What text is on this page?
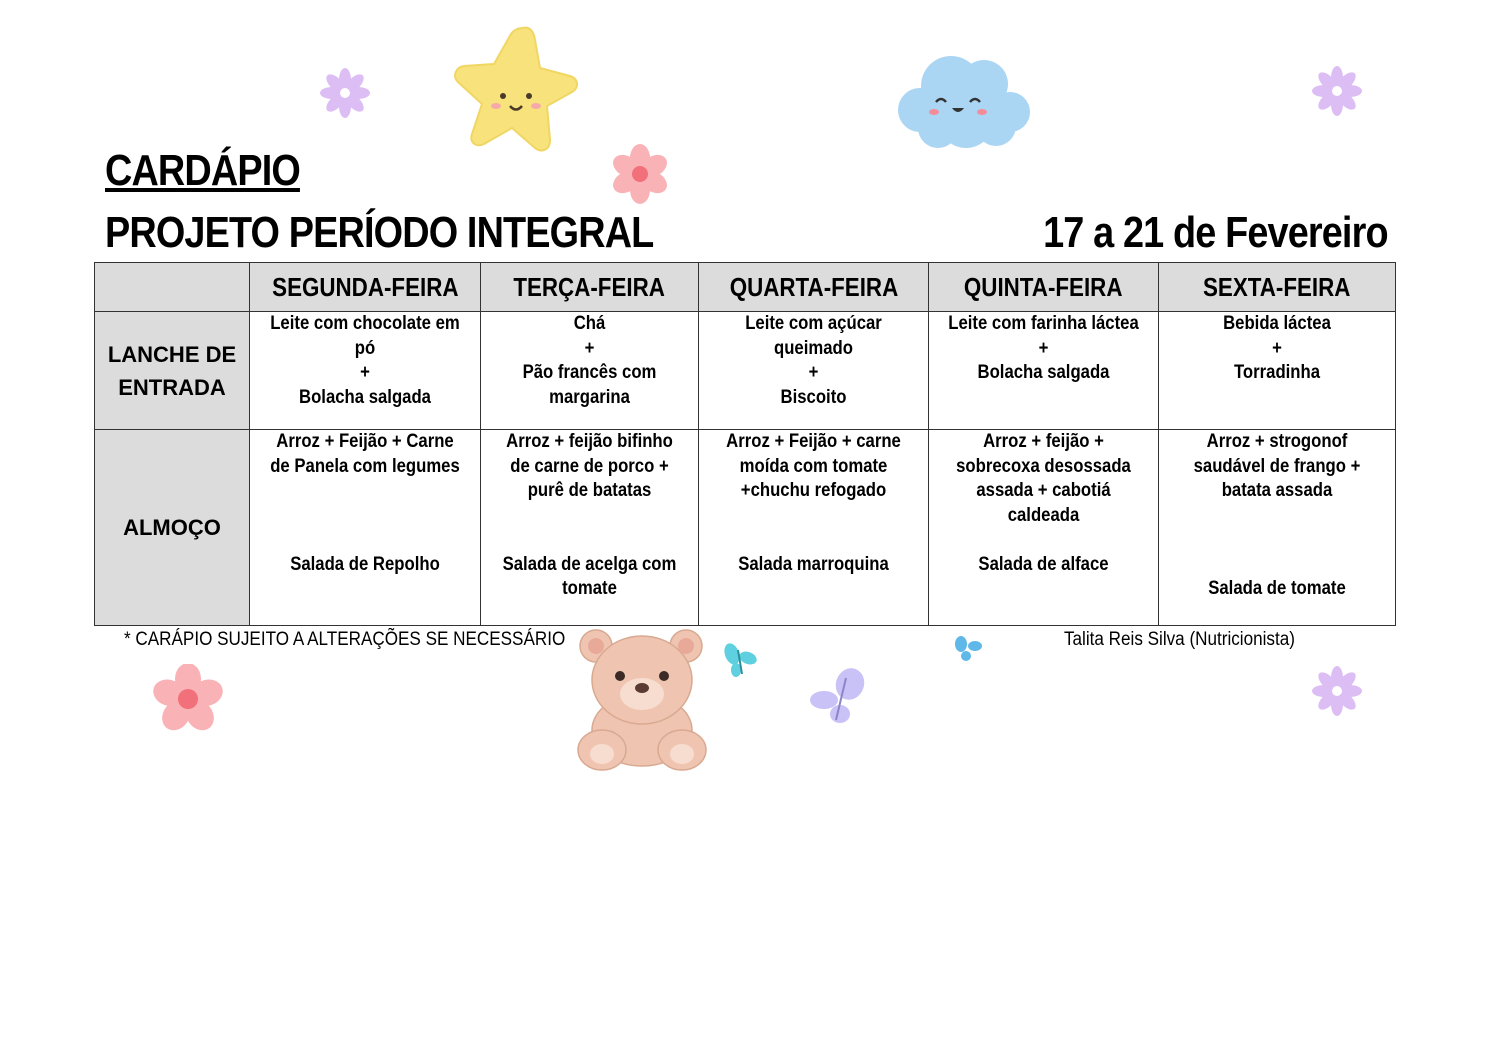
CARDÁPIO
PROJETO PERÍODO INTEGRAL	17 a 21 de Fevereiro
	SEGUNDA-FEIRA	TERÇA-FEIRA	QUARTA-FEIRA	QUINTA-FEIRA	SEXTA-FEIRA

LANCHE DE
ENTRADA	Leite com chocolate em
pó
+
Bolacha salgada	Chá
+
Pão francês com
margarina	Leite com açúcar
queimado
+
Biscoito	Leite com farinha láctea
+
Bolacha salgada	Bebida láctea
+
Torradinha

ALMOÇO	Arroz + Feijão + Carne
de Panela com legumes

Salada de Repolho	Arroz + feijão bifinho
de carne de porco +
purê de batatas

Salada de acelga com
tomate	Arroz + Feijão + carne
moída com tomate
+chuchu refogado

Salada marroquina	Arroz + feijão +
sobrecoxa desossada
assada + cabotiá
caldeada

Salada de alface	Arroz + strogonof
saudável de frango +
batata assada

Salada de tomate
* CARÁPIO SUJEITO A ALTERAÇÕES SE NECESSÁRIO	Talita Reis Silva (Nutricionista)
